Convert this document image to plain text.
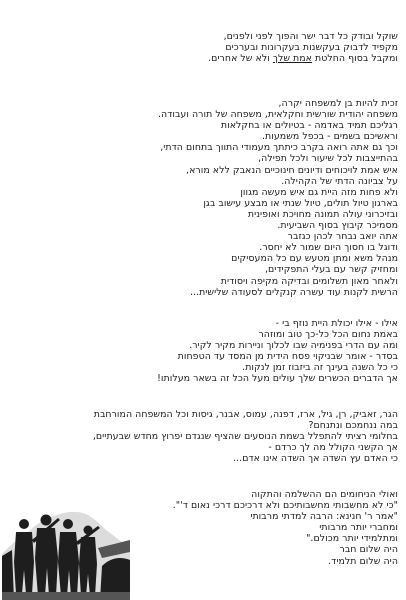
שוקל ובודק כל דבר ישר והפוך לפני ולפנים,
מקפיד לדבוק בעקשנות בעקרונות ובערכים
ומקבל בסוף החלטת אמת שלך ולא של אחרים.
זכית להיות בן למשפחה יקרה,
משפחה יהודית שורשית וחקלאית, משפחה של תורה ועבודה.
רגליכם תמיד באדמה - בטיולים או בחקלאות
וראשיכם בשמים - בכפל משמעות.
וכך גם אתה רואה בקרב כיתתך מעמודי התווך בתחום הדתי,
בהתייצבות לכל שיעור ולכל תפילה,
איש אמת לויכוחים ודיונים חינוכיים הנאבק ללא מורא,
על צביונה הדתי של הקהילה.
ולא פחות מזה היית גם איש מעשה מגוון
בארגון טיול תולים, טיול שנתי או מבצע עישוב בגן
ובזיכרוני עולה תמונה מחויכת ואופינית
מסמיכר קיבוץ בסוף השביעית.
אתה יואב נבחר לכהן כגזבר
ודוגל בו חסוך היום שמור לא יחסר.
מנהל משא ומתן מטעש עם כל המעסיקים
ומחזיק קשר עם בעלי התפקידים,
ולאחר מאון תשלומים ובדיקה מקיפה ויסודית
הרשית לקנות עוד עשרה קנקלים לסעודה שלישית...
אילו - אילו יכולת היית נוזף בי -
באמת נחום הכל כל-כך טוב ומוזהר
ומה עם הדרי בפנימיה שבו לכלוך וניירות מקיר לקיר.
בסדר - אומר שבניקוי פסח הידית מן המסד עד הטפחות
כי כל השנה בעינך זה ביזבוז זמן לנקות.
אך הדברים הכשרים שלך עולים מעל הכל זה בשאר מעלותו!
הגר, זאביק, רן, גיל, ארז, דפנה, עמוס, אבנר, גיסות וכל המשפחה המורחבת
במה ננחמכם ונתנחם?
בחלומי רציתי להתפלל בשמת הנוסעים שהציף שנגדם יפרוץ מחדש שבעתיים,
אך הקשני הקולל מה לך כרדם -
כי האדם עץ השדה אך השדה אינו אדם...
ואולי הניחומים הם ההשלמה והתקוה
"כי לא מחשבותי מחשבותיכם ולא דרכיכם דרכי נאום ד'".
"אמר ר' חנינא: הרבה למדתי מרבותי
ומחברי יותר מרבותי
ומתלמידי יותר מכולם."
היה שלום חבר
היה שלום תלמיד.
